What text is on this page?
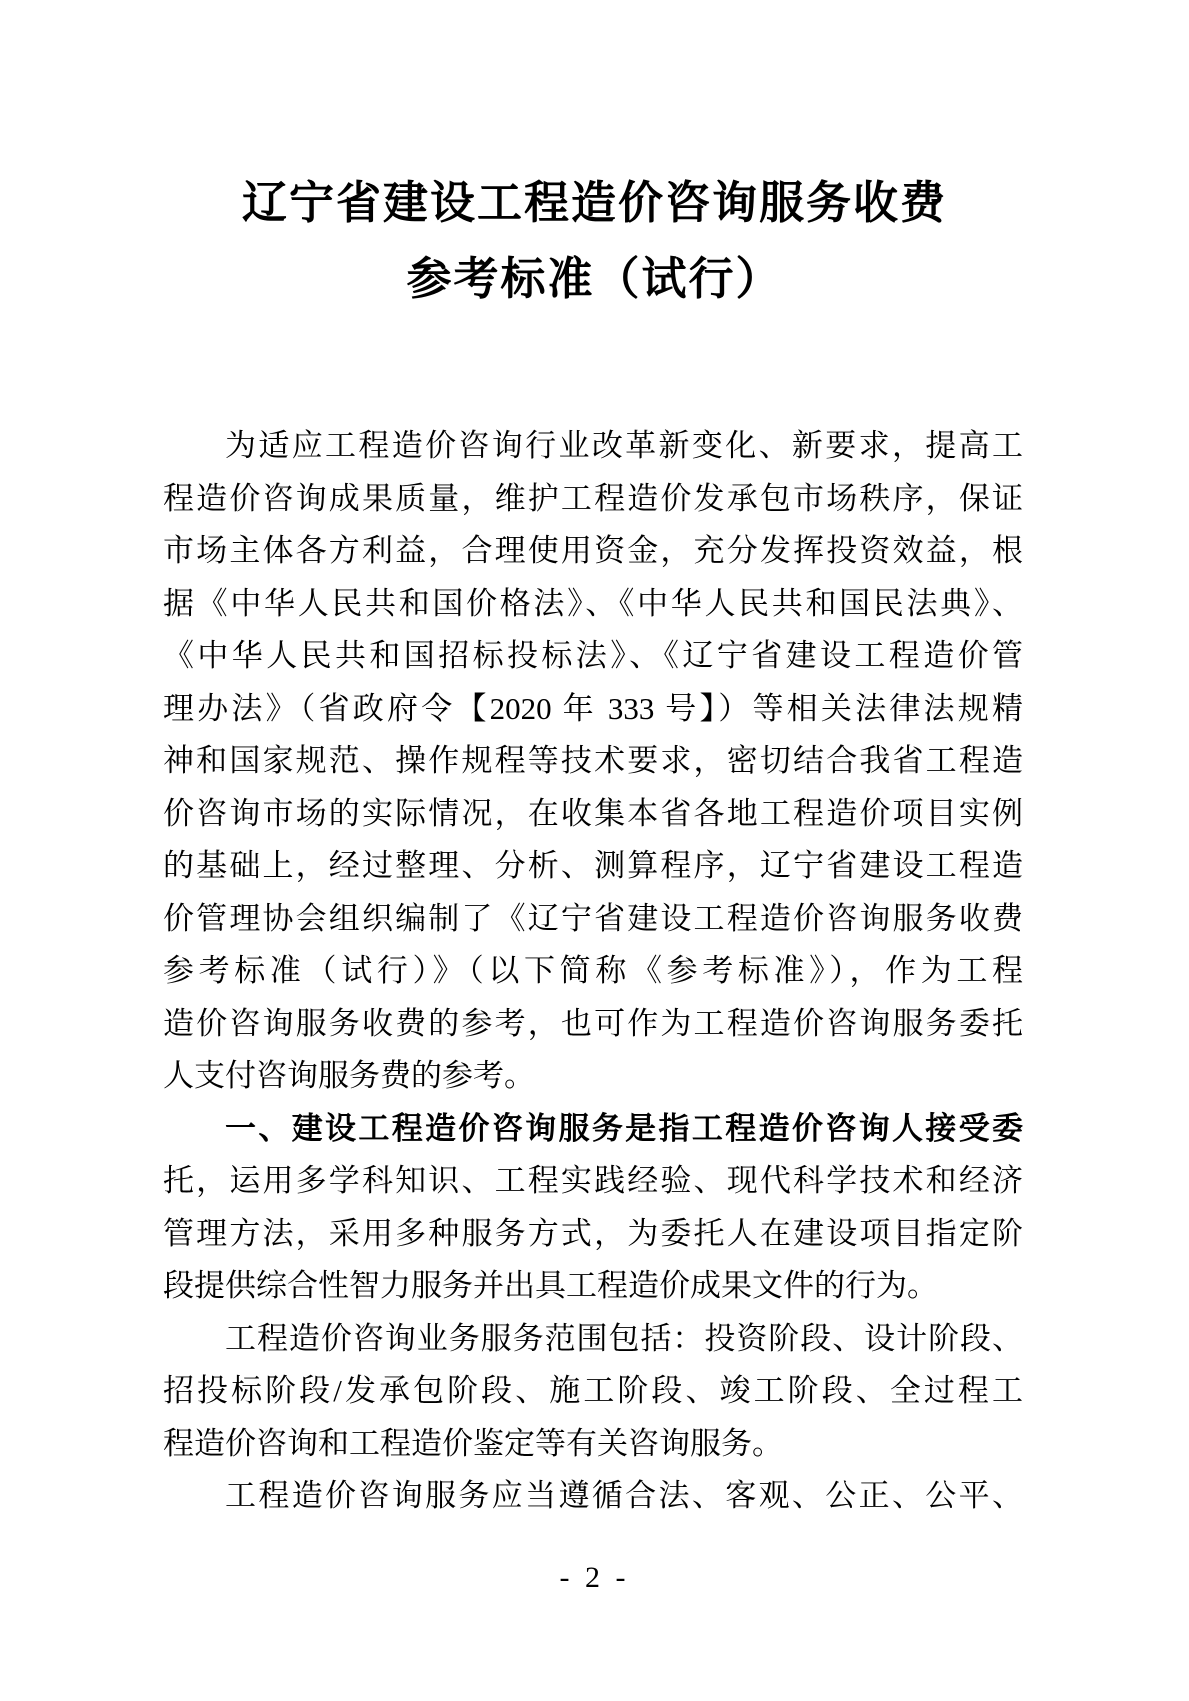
辽宁省建设工程造价咨询服务收费
参考标准（试行）
为适应工程造价咨询行业改革新变化、新要求，提高工
程造价咨询成果质量，维护工程造价发承包市场秩序，保证
市场主体各方利益，合理使用资金，充分发挥投资效益，根
据《中华人民共和国价格法》、《中华人民共和国民法典》、
《中华人民共和国招标投标法》、《辽宁省建设工程造价管
理办法》（省政府令【2020 年 333 号】）等相关法律法规精
神和国家规范、操作规程等技术要求，密切结合我省工程造
价咨询市场的实际情况，在收集本省各地工程造价项目实例
的基础上，经过整理、分析、测算程序，辽宁省建设工程造
价管理协会组织编制了《辽宁省建设工程造价咨询服务收费
参考标准（试行）》（以下简称《参考标准》），作为工程
造价咨询服务收费的参考，也可作为工程造价咨询服务委托
人支付咨询服务费的参考。
一、建设工程造价咨询服务是指工程造价咨询人接受委
托，运用多学科知识、工程实践经验、现代科学技术和经济
管理方法，采用多种服务方式，为委托人在建设项目指定阶
段提供综合性智力服务并出具工程造价成果文件的行为。
工程造价咨询业务服务范围包括：投资阶段、设计阶段、
招投标阶段/发承包阶段、施工阶段、竣工阶段、全过程工
程造价咨询和工程造价鉴定等有关咨询服务。
工程造价咨询服务应当遵循合法、客观、公正、公平、
- 2 -
